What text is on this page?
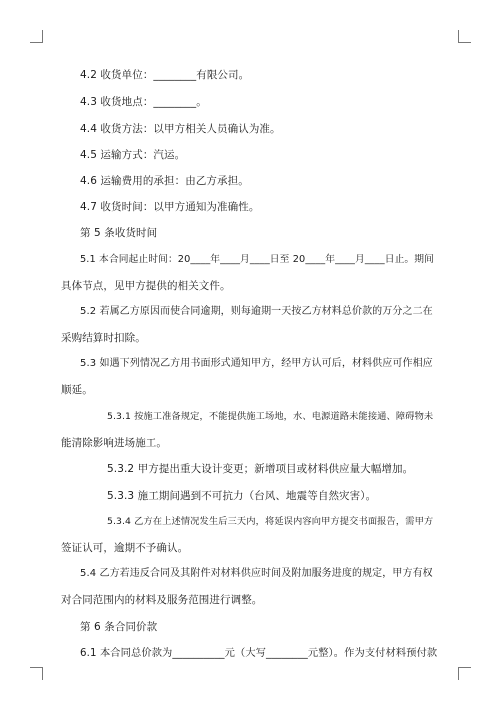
4.2 收货单位：________有限公司。
4.3 收货地点：________。
4.4 收货方法：以甲方相关人员确认为准。
4.5 运输方式：汽运。
4.6 运输费用的承担：由乙方承担。
4.7 收货时间：以甲方通知为准确性。
第 5 条收货时间
5.1 本合同起止时间：20____年____月____日至 20____年____月____日止。期间
具体节点，见甲方提供的相关文件。
5.2 若属乙方原因而使合同逾期，则每逾期一天按乙方材料总价款的万分之二在
采购结算时扣除。
5.3 如遇下列情况乙方用书面形式通知甲方，经甲方认可后，材料供应可作相应
顺延。
5.3.1 按施工准备规定，不能提供施工场地，水、电源道路未能接通、障碍物未
能清除影响进场施工。
5.3.2 甲方提出重大设计变更；新增项目或材料供应量大幅增加。
5.3.3 施工期间遇到不可抗力（台风、地震等自然灾害）。
5.3.4 乙方在上述情况发生后三天内，将延误内容向甲方提交书面报告，需甲方
签证认可，逾期不予确认。
5.4 乙方若违反合同及其附件对材料供应时间及附加服务进度的规定，甲方有权
对合同范围内的材料及服务范围进行调整。
第 6 条合同价款
6.1 本合同总价款为__________元（大写________元整）。作为支付材料预付款
